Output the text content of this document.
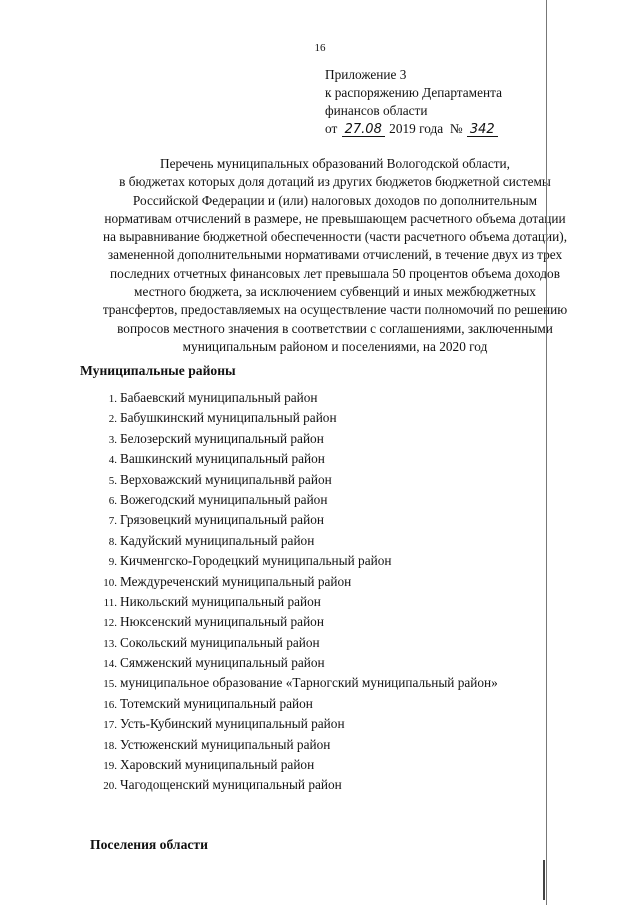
16
Приложение 3
к распоряжению Департамента
финансов области
от 27.08 2019 года № 342
Перечень муниципальных образований Вологодской области,
в бюджетах которых доля дотаций из других бюджетов бюджетной системы
Российской Федерации и (или) налоговых доходов по дополнительным
нормативам отчислений в размере, не превышающем расчетного объема дотации
на выравнивание бюджетной обеспеченности (части расчетного объема дотации),
замененной дополнительными нормативами отчислений, в течение двух из трех
последних отчетных финансовых лет превышала 50 процентов объема доходов
местного бюджета, за исключением субвенций и иных межбюджетных
трансфертов, предоставляемых на осуществление части полномочий по решению
вопросов местного значения в соответствии с соглашениями, заключенными
муниципальным районом и поселениями, на 2020 год
Муниципальные районы
1. Бабаевский муниципальный район
2. Бабушкинский муниципальный район
3. Белозерский муниципальный район
4. Вашкинский муниципальный район
5. Верховажский муниципальнвй район
6. Вожегодский муниципальный район
7. Грязовецкий муниципальный район
8. Кадуйский муниципальный район
9. Кичменгско-Городецкий муниципальный район
10. Междуреченский муниципальный район
11. Никольский муниципальный район
12. Нюксенский муниципальный район
13. Сокольский муниципальный район
14. Сямженский муниципальный район
15. муниципальное образование «Тарногский муниципальный район»
16. Тотемский муниципальный район
17. Усть-Кубинский муниципальный район
18. Устюженский муниципальный район
19. Харовский муниципальный район
20. Чагодощенский муниципальный район
Поселения области
